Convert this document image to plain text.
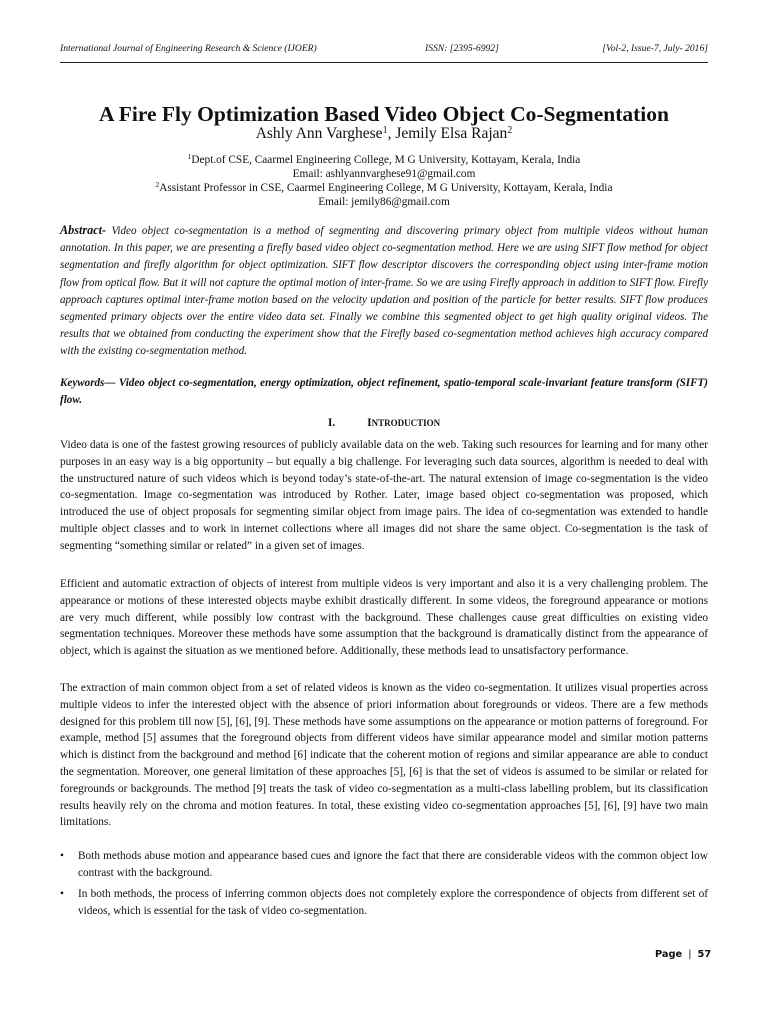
International Journal of Engineering Research & Science (IJOER)	ISSN: [2395-6992]	[Vol-2, Issue-7, July- 2016]
A Fire Fly Optimization Based Video Object Co-Segmentation
Ashly Ann Varghese$^1$, Jemily Elsa Rajan$^2$
$^1$Dept.of CSE, Caarmel Engineering College, M G University, Kottayam, Kerala, India
Email: ashlyannvarghese91@gmail.com
$^2$Assistant Professor in CSE, Caarmel Engineering College, M G University, Kottayam, Kerala, India
Email: jemily86@gmail.com
Abstract- Video object co-segmentation is a method of segmenting and discovering primary object from multiple videos without human annotation. In this paper, we are presenting a firefly based video object co-segmentation method. Here we are using SIFT flow method for object segmentation and firefly algorithm for object optimization. SIFT flow descriptor discovers the corresponding object using inter-frame motion flow from optical flow. But it will not capture the optimal motion of inter-frame. So we are using Firefly approach in addition to SIFT flow. Firefly approach captures optimal inter-frame motion based on the velocity updation and position of the particle for better results. SIFT flow produces segmented primary objects over the entire video data set. Finally we combine this segmented object to get high quality original videos. The results that we obtained from conducting the experiment show that the Firefly based co-segmentation method achieves high accuracy compared with the existing co-segmentation method.
Keywords— Video object co-segmentation, energy optimization, object refinement, spatio-temporal scale-invariant feature transform (SIFT) flow.
I.	INTRODUCTION

Video data is one of the fastest growing resources of publicly available data on the web. Taking such resources for learning and for many other purposes in an easy way is a big opportunity – but equally a big challenge. For leveraging such data sources, algorithm is needed to deal with the unstructured nature of such videos which is beyond today’s state-of-the-art. The natural extension of image co-segmentation is the video co-segmentation. Image co-segmentation was introduced by Rother. Later, image based object co-segmentation was proposed, which introduced the use of object proposals for segmenting similar object from image pairs. The idea of co-segmentation was extended to handle multiple object classes and to work in internet collections where all images did not share the same object. Co-segmentation is the task of segmenting “something similar or related” in a given set of images.

Efficient and automatic extraction of objects of interest from multiple videos is very important and also it is a very challenging problem. The appearance or motions of these interested objects maybe exhibit drastically different. In some videos, the foreground appearance or motions are very much different, while possibly low contrast with the background. These challenges cause great difficulties on existing video segmentation techniques. Moreover these methods have some assumption that the background is dramatically distinct from the appearance of object, which is against the situation as we mentioned before. Additionally, these methods lead to unsatisfactory performance.

The extraction of main common object from a set of related videos is known as the video co-segmentation. It utilizes visual properties across multiple videos to infer the interested object with the absence of priori information about foregrounds or videos. There are a few methods designed for this problem till now [5], [6], [9]. These methods have some assumptions on the appearance or motion patterns of foreground. For example, method [5] assumes that the foreground objects from different videos have similar appearance model and similar motion patterns which is distinct from the background and method [6] indicate that the coherent motion of regions and similar appearance are able to conduct the segmentation. Moreover, one general limitation of these approaches [5], [6] is that the set of videos is assumed to be similar or related for foregrounds or backgrounds. The method [9] treats the task of video co-segmentation as a multi-class labelling problem, but its classification results heavily rely on the chroma and motion features. In total, these existing video co-segmentation approaches [5], [6], [9] have two main limitations.

•	Both methods abuse motion and appearance based cues and ignore the fact that there are considerable videos with the common object low contrast with the background.
•	In both methods, the process of inferring common objects does not completely explore the correspondence of objects from different set of videos, which is essential for the task of video co-segmentation.
Page | 57
